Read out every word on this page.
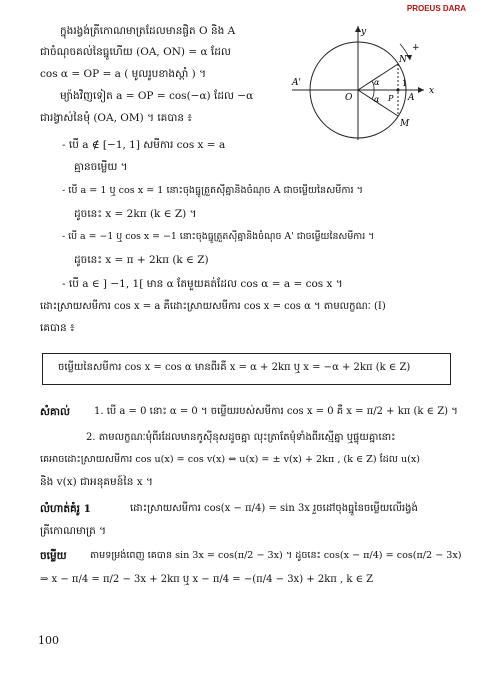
PROEUS DARA
y
x
O	A
A'
N
M
P
1
+
α
α
ក្នុងរង្វង់ត្រីកោណមាត្រដែលមានផ្ចិត O និង A
ជាចំណុចគល់នៃធ្នូហើយ (OA, ON) = α ដែល
cos α = OP = a ( មូលរូបខាងស្តាំ ) ។
ម្យ៉ាងវិញទៀត a = OP = cos(−α) ដែល −α
ជារង្វាស់នៃមុំ (OA, OM) ។ គេបាន ៖
- បើ a ∉ [−1, 1] សមីការ cos x = a
គ្មានចម្លើយ ។
- បើ a = 1 ឬ cos x = 1 នោះចុងធ្នូត្រួតស៊ីគ្នានិងចំណុច A ជាចម្លើយនៃសមីការ ។
ដូចនេះ x = 2kπ (k ∈ Z) ។
- បើ a = −1 ឬ cos x = −1 នោះចុងធ្នូត្រួតស៊ីគ្នានិងចំណុច A' ជាចម្លើយនៃសមីការ ។
ដូចនេះ x = π + 2kπ (k ∈ Z)
- បើ a ∈ ] −1, 1[ មាន α តែមួយគត់ដែល cos α = a = cos x ។
ដោះស្រាយសមីការ cos x = a គឺដោះស្រាយសមីការ cos x = cos α ។ តាមលក្ខណៈ (I)
គេបាន ៖
ចម្លើយនៃសមីការ cos x = cos α មានពីរគឺ x = α + 2kπ ឬ x = −α + 2kπ (k ∈ Z)
សំគាល់ 1. បើ a = 0 នោះ α = 0 ។ ចម្លើយរបស់សមីការ cos x = 0 គឺ x = π/2 + kπ (k ∈ Z) ។
2. តាមលក្ខណៈមុំពីរដែលមានកូស៊ីនុសដូចគ្នា លុះត្រាតែមុំទាំងពីរស្មើគ្នា ឬផ្ទុយគ្នានោះ
គេអាចដោះស្រាយសមីការ cos u(x) = cos v(x) ⇔ u(x) = ± v(x) + 2kπ , (k ∈ Z) ដែល u(x)
និង v(x) ជាអនុគមន៍នៃ x ។
លំហាត់គំរូ 1	ដោះស្រាយសមីការ cos(x − π/4) = sin 3x រួចដៅចុងធ្នូនៃចម្លើយលើរង្វង់
ត្រីកោណមាត្រ ។
ចម្លើយ តាមទម្រង់ពេញ គេបាន sin 3x = cos(π/2 − 3x) ។ ដូចនេះ cos(x − π/4) = cos(π/2 − 3x)
⇒ x − π/4 = π/2 − 3x + 2kπ ឬ x − π/4 = −(π/4 − 3x) + 2kπ , k ∈ Z
100
